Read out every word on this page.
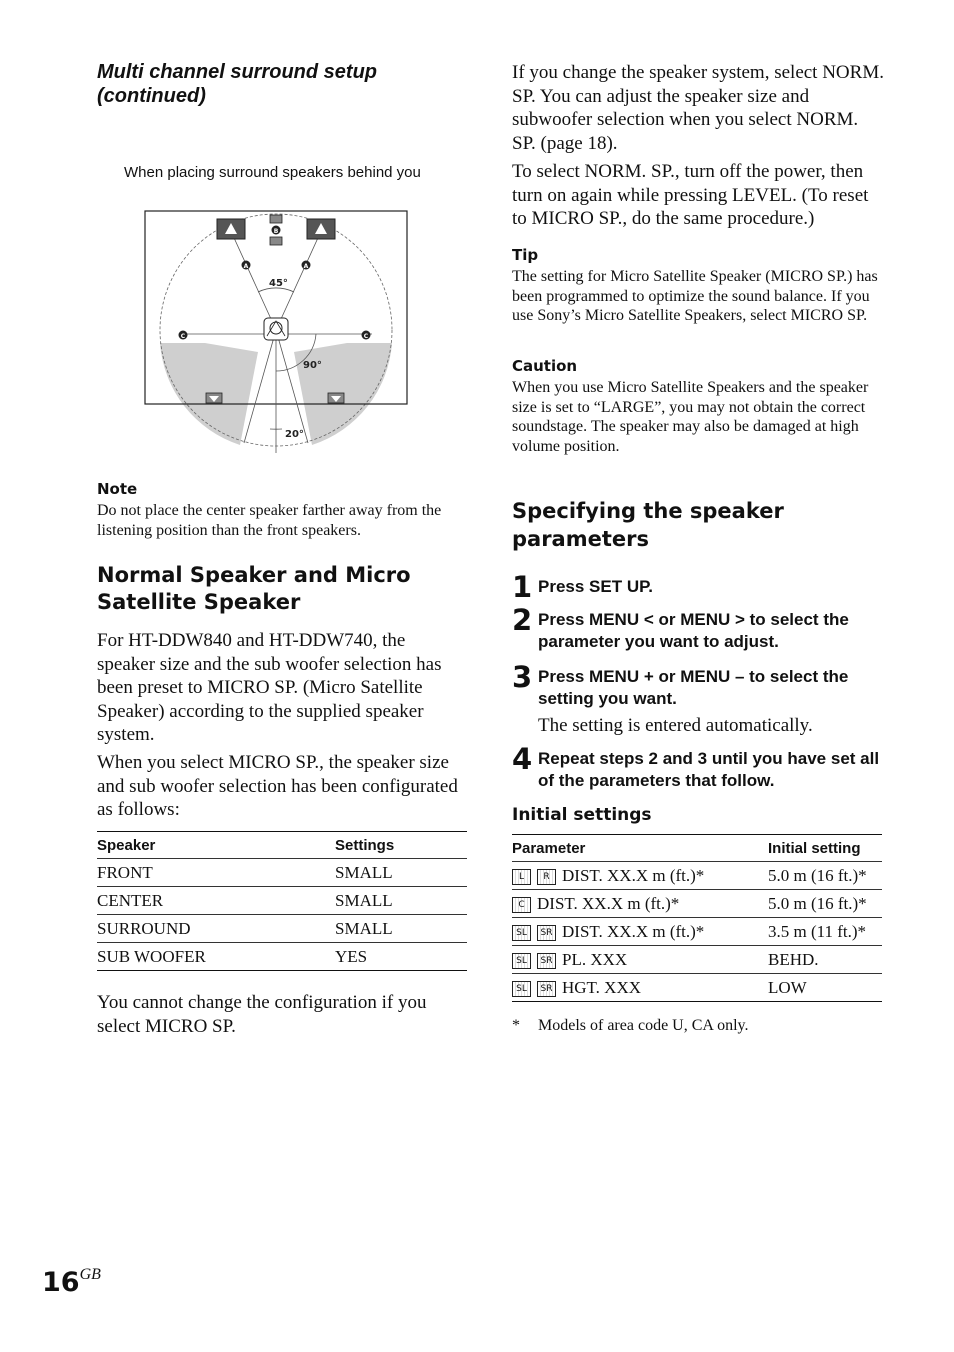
Multi channel surround setup
(continued)
When placing surround speakers behind you
B
A	A
C	C
45°
90°
20°
Note
Do not place the center speaker farther away from the listening position than the front speakers.
Normal Speaker and Micro Satellite Speaker
For HT-DDW840 and HT-DDW740, the speaker size and the sub woofer selection has been preset to MICRO SP. (Micro Satellite Speaker) according to the supplied speaker system.
When you select MICRO SP., the speaker size and sub woofer selection has been configurated as follows:
Speaker	Settings
FRONT	SMALL
CENTER	SMALL
SURROUND	SMALL
SUB WOOFER	YES
You cannot change the configuration if you select MICRO SP.
If you change the speaker system, select NORM. SP. You can adjust the speaker size and subwoofer selection when you select NORM. SP. (page 18).
To select NORM. SP., turn off the power, then turn on again while pressing LEVEL. (To reset to MICRO SP., do the same procedure.)
Tip
The setting for Micro Satellite Speaker (MICRO SP.) has been programmed to optimize the sound balance. If you use Sony’s Micro Satellite Speakers, select MICRO SP.
Caution
When you use Micro Satellite Speakers and the speaker size is set to “LARGE”, you may not obtain the correct soundstage. The speaker may also be damaged at high volume position.
Specifying the speaker parameters
1 Press SET UP.
2 Press MENU < or MENU > to select the parameter you want to adjust.
3 Press MENU + or MENU – to select the setting you want.
The setting is entered automatically.
4 Repeat steps 2 and 3 until you have set all of the parameters that follow.
Initial settings
Parameter	Initial setting
L R DIST. XX.X m (ft.)*	5.0 m (16 ft.)*
C DIST. XX.X m (ft.)*	5.0 m (16 ft.)*
SL SR DIST. XX.X m (ft.)*	3.5 m (11 ft.)*
SL SR PL. XXX	BEHD.
SL SR HGT. XXX	LOW
* Models of area code U, CA only.
$16^{GB}$
